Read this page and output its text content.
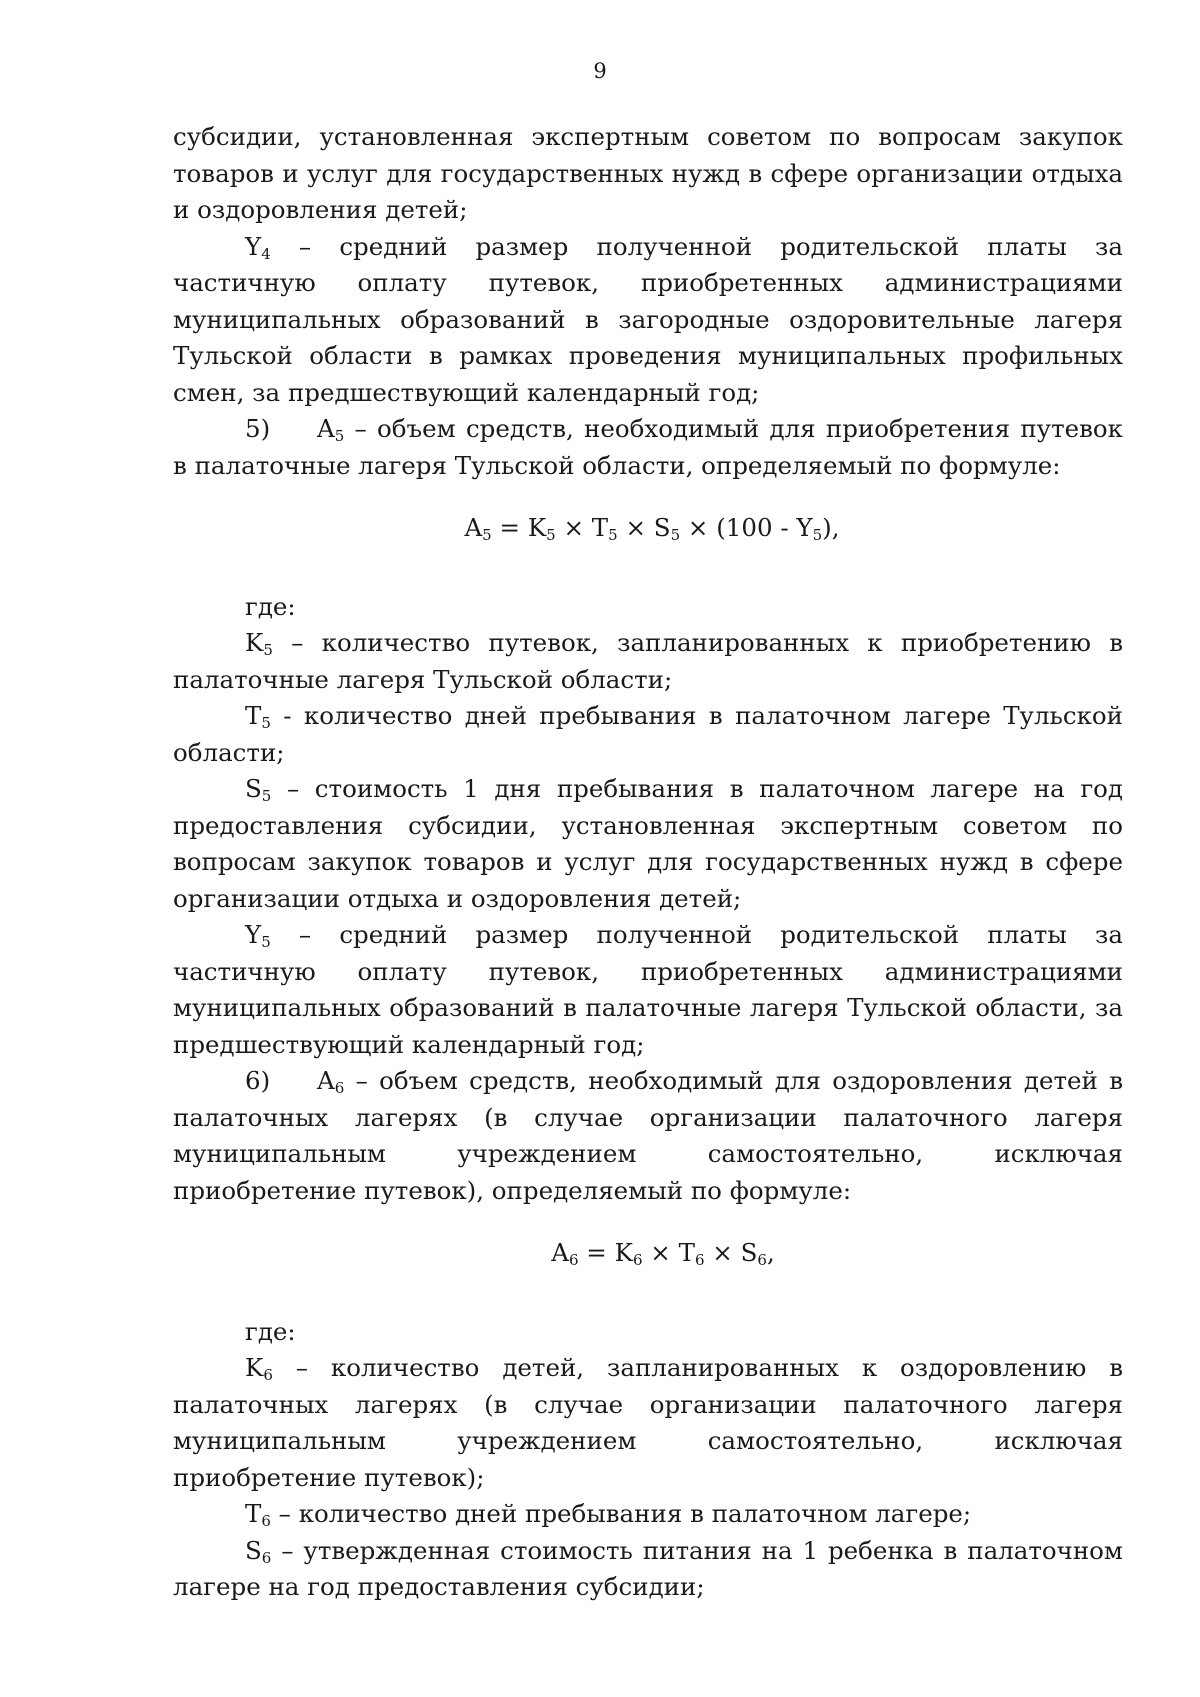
9

субсидии, установленная экспертным советом по вопросам закупок товаров и услуг для государственных нужд в сфере организации отдыха и оздоровления детей;

$Y_4$ – средний размер полученной родительской платы за частичную оплату путевок, приобретенных администрациями муниципальных образований в загородные оздоровительные лагеря Тульской области в рамках проведения муниципальных профильных смен, за предшествующий календарный год;

5) $A_5$ – объем средств, необходимый для приобретения путевок в палаточные лагеря Тульской области, определяемый по формуле:

$A_5 = K_5 \times T_5 \times S_5 \times (100 - Y_5)$,

где:

$K_5$ – количество путевок, запланированных к приобретению в палаточные лагеря Тульской области;

$T_5$ - количество дней пребывания в палаточном лагере Тульской области;

$S_5$ – стоимость 1 дня пребывания в палаточном лагере на год предоставления субсидии, установленная экспертным советом по вопросам закупок товаров и услуг для государственных нужд в сфере организации отдыха и оздоровления детей;

$Y_5$ – средний размер полученной родительской платы за частичную оплату путевок, приобретенных администрациями муниципальных образований в палаточные лагеря Тульской области, за предшествующий календарный год;

6) $A_6$ – объем средств, необходимый для оздоровления детей в палаточных лагерях (в случае организации палаточного лагеря муниципальным учреждением самостоятельно, исключая приобретение путевок), определяемый по формуле:

$A_6 = K_6 \times T_6 \times S_6$,

где:

$K_6$ – количество детей, запланированных к оздоровлению в палаточных лагерях (в случае организации палаточного лагеря муниципальным учреждением самостоятельно, исключая приобретение путевок);

$T_6$ – количество дней пребывания в палаточном лагере;

$S_6$ – утвержденная стоимость питания на 1 ребенка в палаточном лагере на год предоставления субсидии;
